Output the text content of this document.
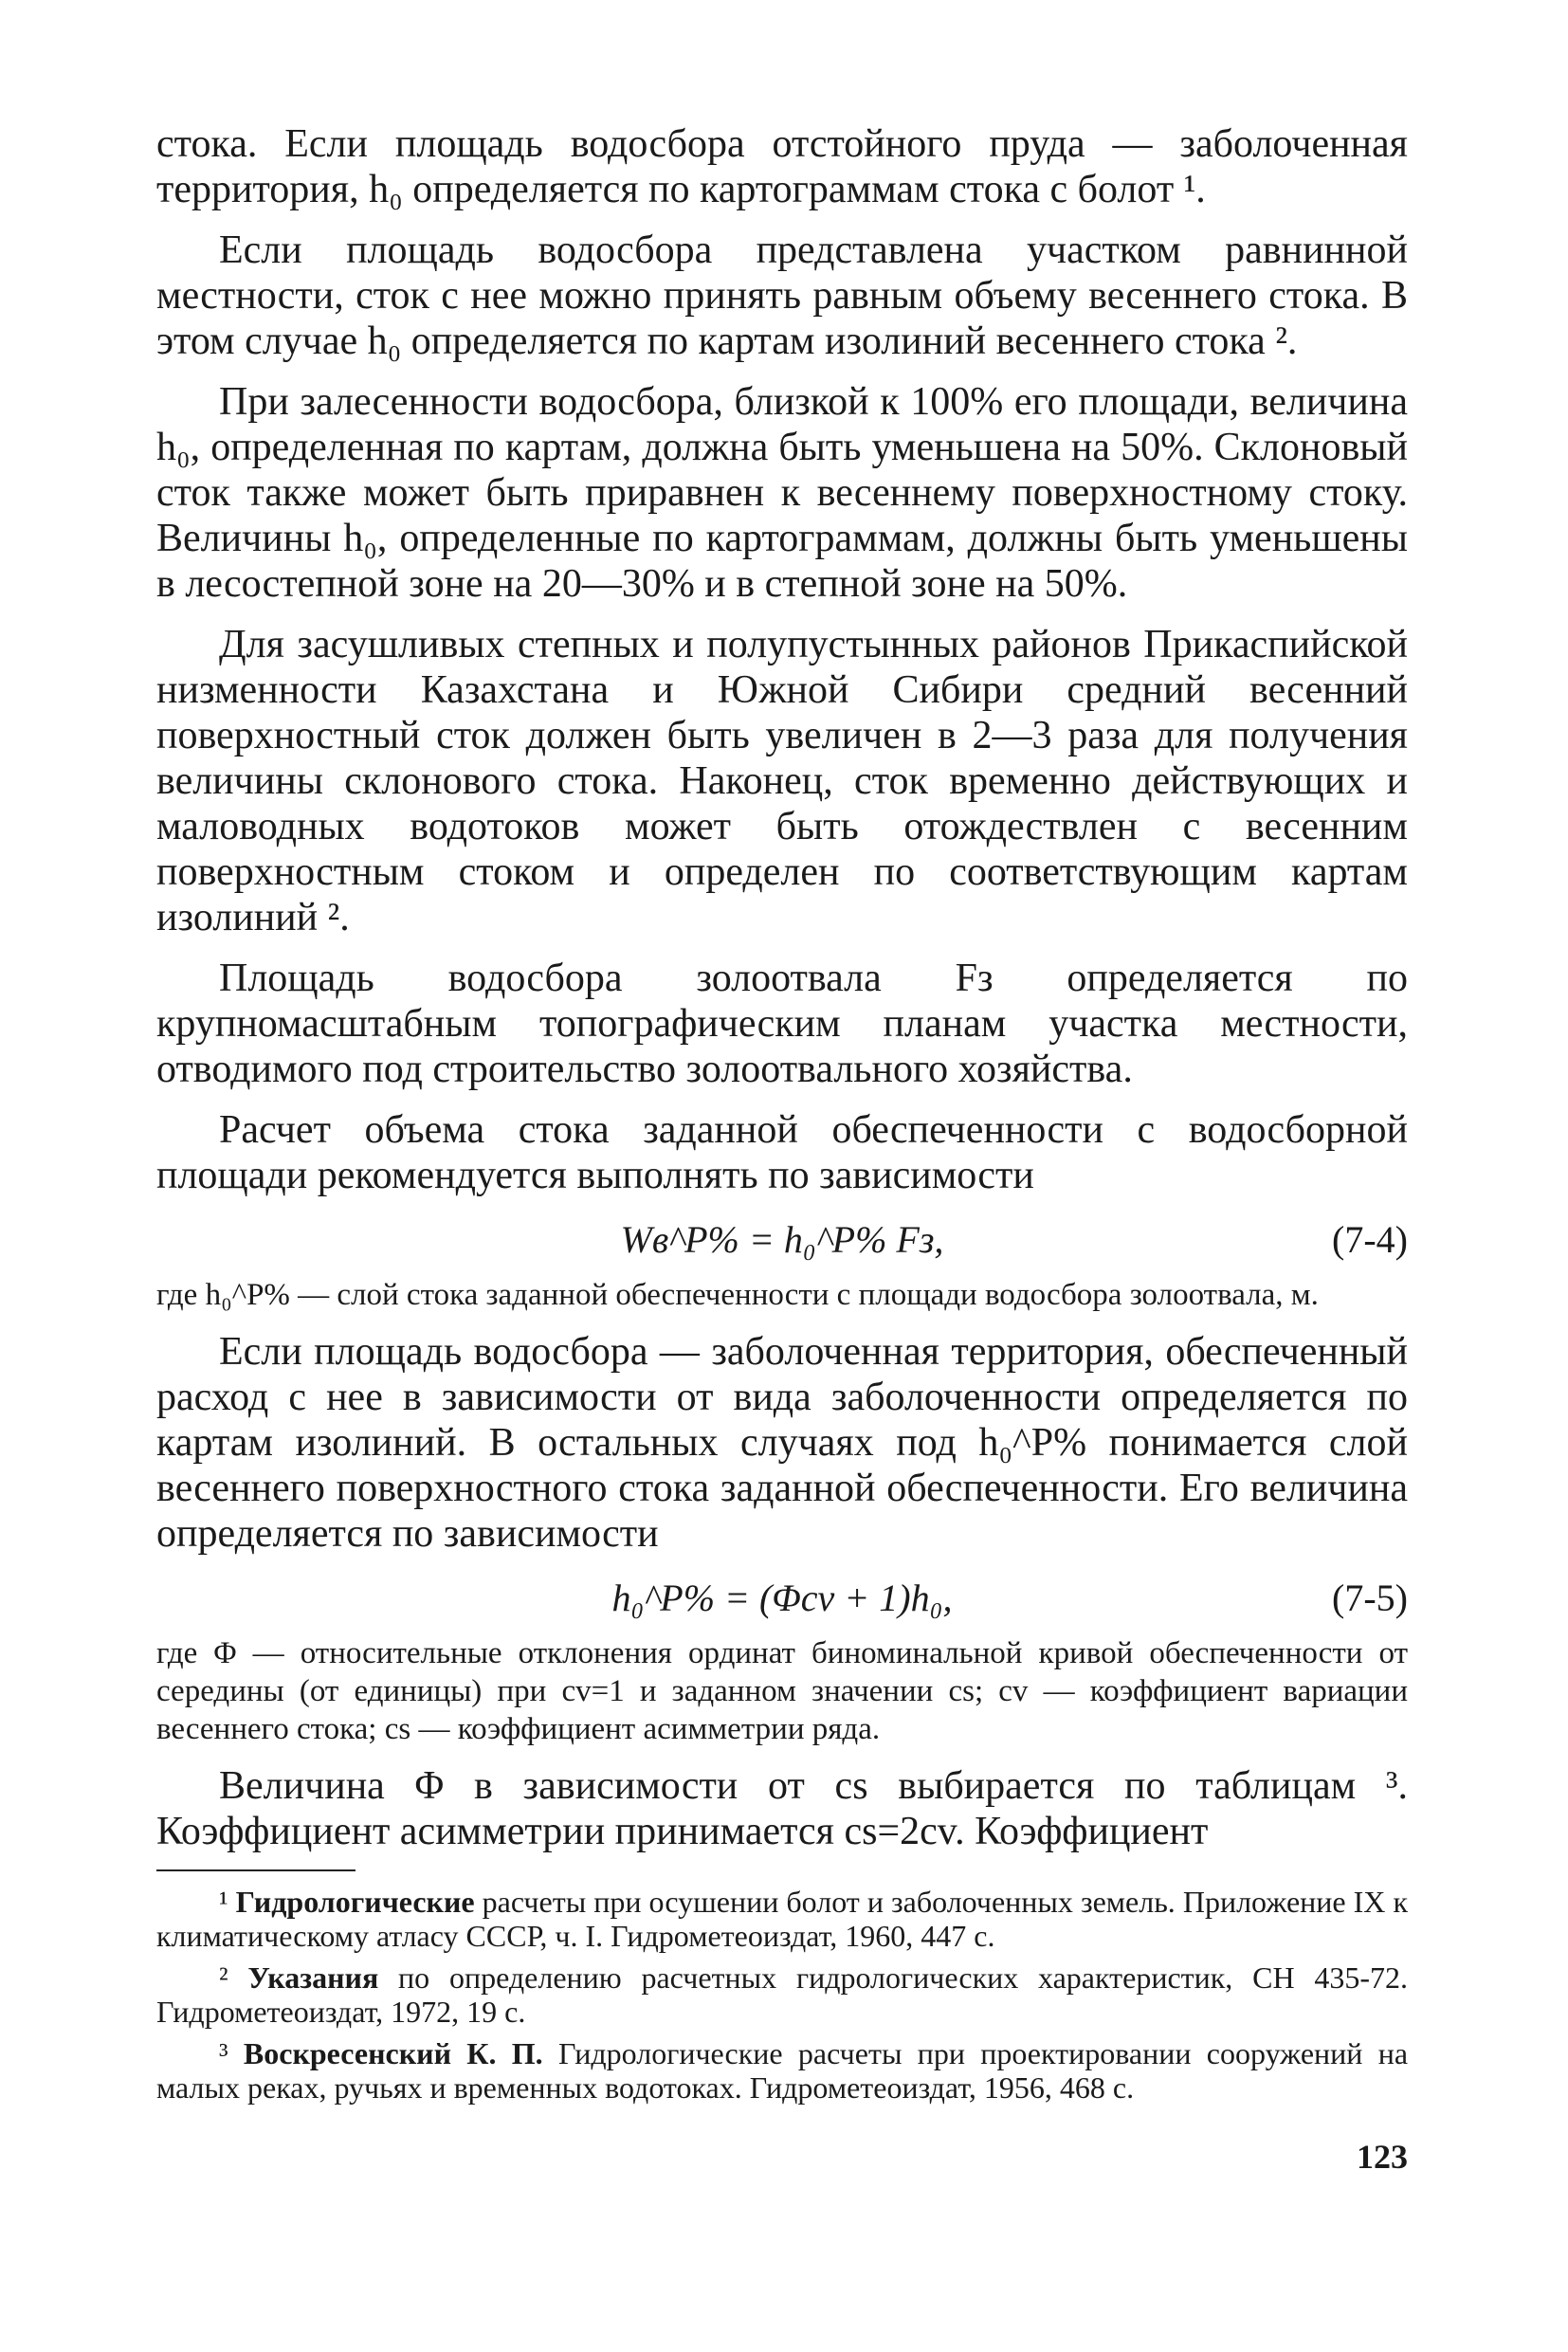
стока. Если площадь водосбора отстойного пруда — заболоченная территория, h₀ определяется по картограммам стока с болот ¹.

Если площадь водосбора представлена участком равнинной местности, сток с нее можно принять равным объему весеннего стока. В этом случае h₀ определяется по картам изолиний весеннего стока ².

При залесенности водосбора, близкой к 100% его площади, величина h₀, определенная по картам, должна быть уменьшена на 50%. Склоновый сток также может быть приравнен к весеннему поверхностному стоку. Величины h₀, определенные по картограммам, должны быть уменьшены в лесостепной зоне на 20—30% и в степной зоне на 50%.

Для засушливых степных и полупустынных районов Прикаспийской низменности Казахстана и Южной Сибири средний весенний поверхностный сток должен быть увеличен в 2—3 раза для получения величины склонового стока. Наконец, сток временно действующих и маловодных водотоков может быть отождествлен с весенним поверхностным стоком и определен по соответствующим картам изолиний ².

Площадь водосбора золоотвала Fз определяется по крупномасштабным топографическим планам участка местности, отводимого под строительство золоотвального хозяйства.

Расчет объема стока заданной обеспеченности с водосборной площади рекомендуется выполнять по зависимости

Wв^P% = h₀^P% Fз,	(7-4)

где h₀^P% — слой стока заданной обеспеченности с площади водосбора золоотвала, м.

Если площадь водосбора — заболоченная территория, обеспеченный расход с нее в зависимости от вида заболоченности определяется по картам изолиний. В остальных случаях под h₀^P% понимается слой весеннего поверхностного стока заданной обеспеченности. Его величина определяется по зависимости

h₀^P% = (Φcv + 1)h₀,	(7-5)

где Φ — относительные отклонения ординат биноминальной кривой обеспеченности от середины (от единицы) при cv=1 и заданном значении cs; cv — коэффициент вариации весеннего стока; cs — коэффициент асимметрии ряда.

Величина Φ в зависимости от cs выбирается по таблицам ³. Коэффициент асимметрии принимается cs=2cv. Коэффициент

¹ Гидрологические расчеты при осушении болот и заболоченных земель. Приложение IX к климатическому атласу СССР, ч. I. Гидрометеоиздат, 1960, 447 с.

² Указания по определению расчетных гидрологических характеристик, СН 435-72. Гидрометеоиздат, 1972, 19 с.

³ Воскресенский К. П. Гидрологические расчеты при проектировании сооружений на малых реках, ручьях и временных водотоках. Гидрометеоиздат, 1956, 468 с.

123
